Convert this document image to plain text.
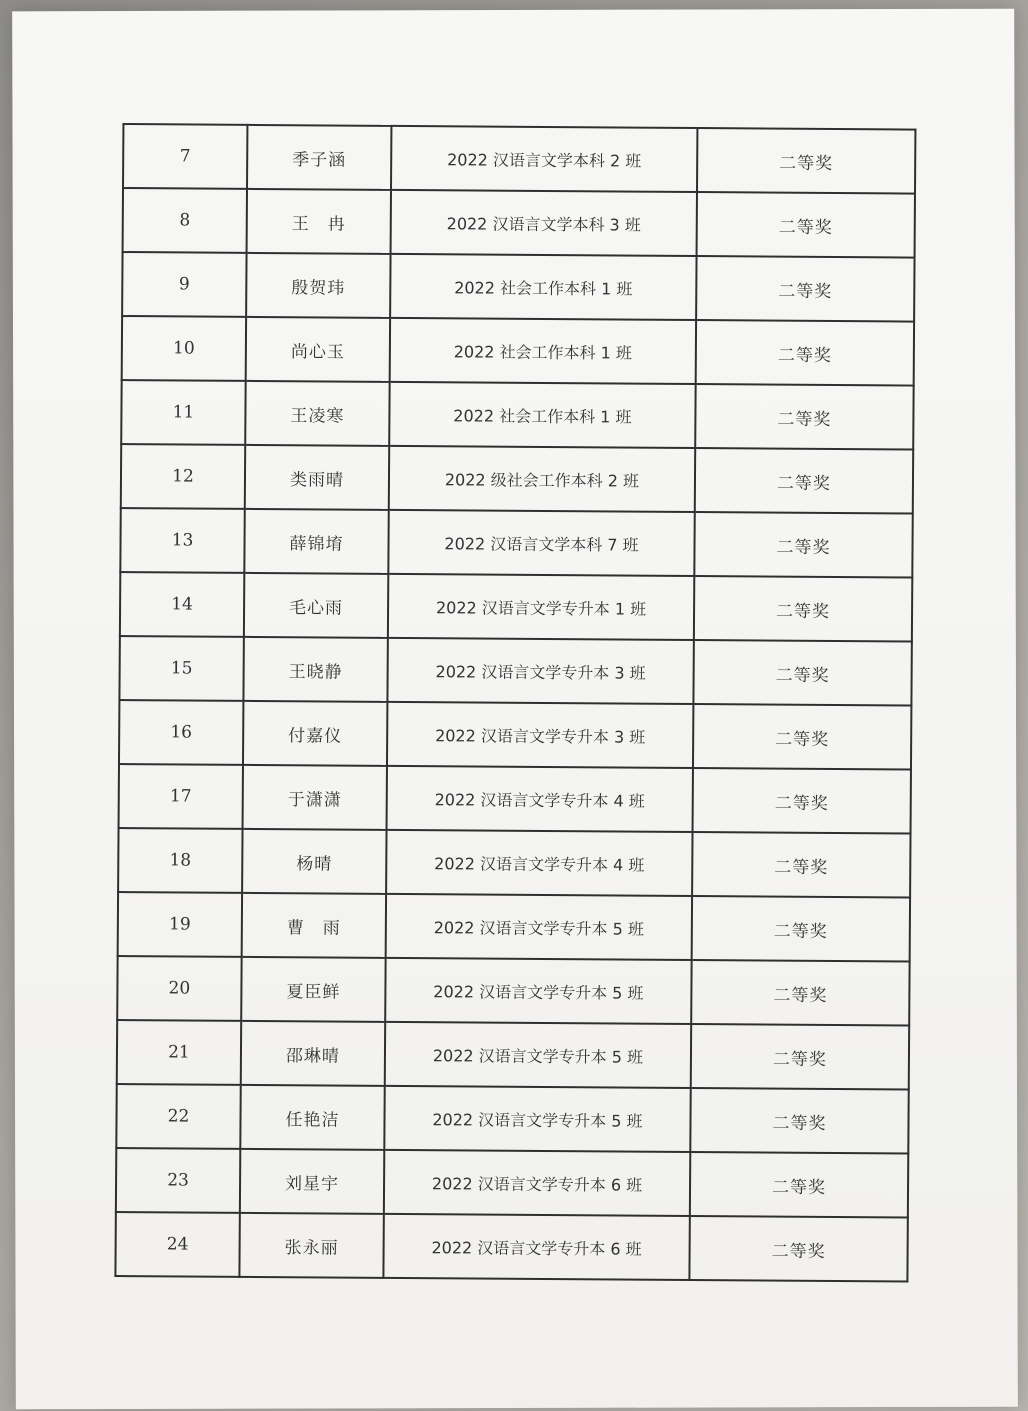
7	季子涵	2022 汉语言文学本科 2 班	二等奖
8	王　冉	2022 汉语言文学本科 3 班	二等奖
9	殷贺玮	2022 社会工作本科 1 班	二等奖
10	尚心玉	2022 社会工作本科 1 班	二等奖
11	王凌寒	2022 社会工作本科 1 班	二等奖
12	类雨晴	2022 级社会工作本科 2 班	二等奖
13	薛锦堉	2022 汉语言文学本科 7 班	二等奖
14	毛心雨	2022 汉语言文学专升本 1 班	二等奖
15	王晓静	2022 汉语言文学专升本 3 班	二等奖
16	付嘉仪	2022 汉语言文学专升本 3 班	二等奖
17	于潇潇	2022 汉语言文学专升本 4 班	二等奖
18	杨晴	2022 汉语言文学专升本 4 班	二等奖
19	曹　雨	2022 汉语言文学专升本 5 班	二等奖
20	夏臣鲜	2022 汉语言文学专升本 5 班	二等奖
21	邵琳晴	2022 汉语言文学专升本 5 班	二等奖
22	任艳洁	2022 汉语言文学专升本 5 班	二等奖
23	刘星宇	2022 汉语言文学专升本 6 班	二等奖
24	张永丽	2022 汉语言文学专升本 6 班	二等奖
